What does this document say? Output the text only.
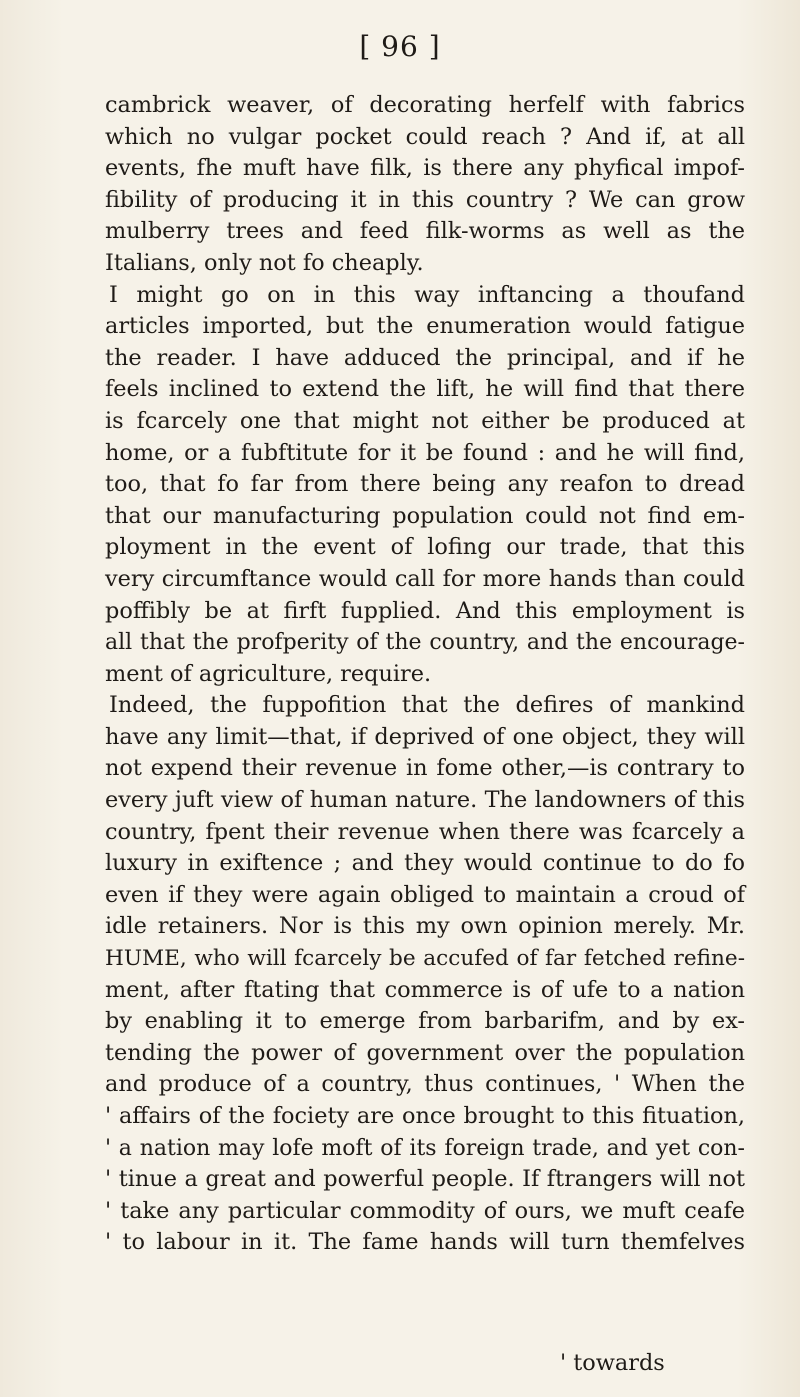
[ 96 ]
cambrick weaver, of decorating herfelf with fabrics
which no vulgar pocket could reach ? And if, at all
events, fhe muft have filk, is there any phyfical impof-
fibility of producing it in this country ? We can grow
mulberry trees and feed filk-worms as well as the
Italians, only not fo cheaply.
I might go on in this way inftancing a thoufand
articles imported, but the enumeration would fatigue
the reader. I have adduced the principal, and if he
feels inclined to extend the lift, he will find that there
is fcarcely one that might not either be produced at
home, or a fubftitute for it be found : and he will find,
too, that fo far from there being any reafon to dread
that our manufacturing population could not find em-
ployment in the event of lofing our trade, that this
very circumftance would call for more hands than could
poffibly be at firft fupplied. And this employment is
all that the profperity of the country, and the encourage-
ment of agriculture, require.
Indeed, the fuppofition that the defires of mankind
have any limit—that, if deprived of one object, they will
not expend their revenue in fome other,—is contrary to
every juft view of human nature. The landowners of this
country, fpent their revenue when there was fcarcely a
luxury in exiftence ; and they would continue to do fo
even if they were again obliged to maintain a croud of
idle retainers. Nor is this my own opinion merely. Mr.
HUME, who will fcarcely be accufed of far fetched refine-
ment, after ftating that commerce is of ufe to a nation
by enabling it to emerge from barbarifm, and by ex-
tending the power of government over the population
and produce of a country, thus continues, ' When the
' affairs of the fociety are once brought to this fituation,
' a nation may lofe moft of its foreign trade, and yet con-
' tinue a great and powerful people. If ftrangers will not
' take any particular commodity of ours, we muft ceafe
' to labour in it. The fame hands will turn themfelves
' towards
